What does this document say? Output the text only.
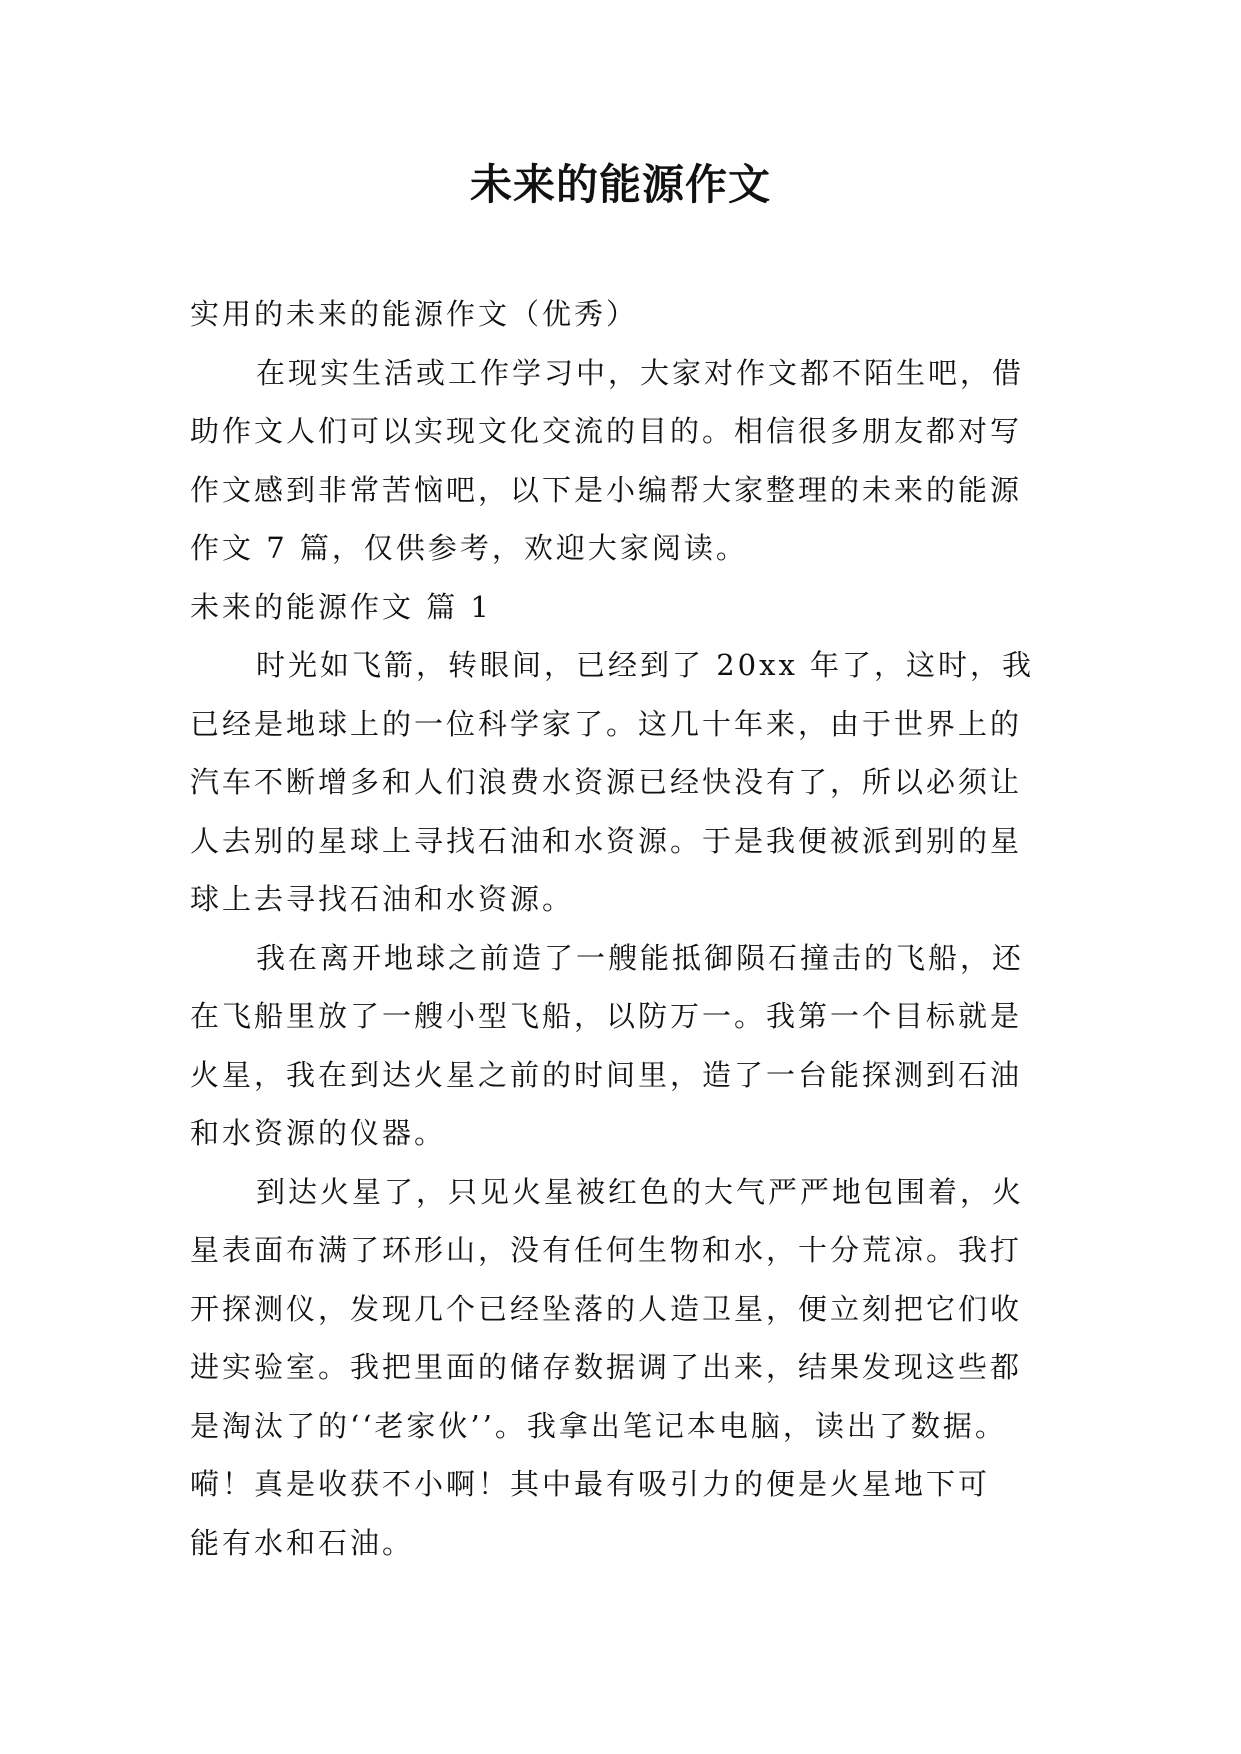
未来的能源作文
实用的未来的能源作文（优秀）
在现实生活或工作学习中，大家对作文都不陌生吧，借
助作文人们可以实现文化交流的目的。相信很多朋友都对写
作文感到非常苦恼吧，以下是小编帮大家整理的未来的能源
作文 7 篇，仅供参考，欢迎大家阅读。
未来的能源作文 篇 1
时光如飞箭，转眼间，已经到了 20xx 年了，这时，我
已经是地球上的一位科学家了。这几十年来，由于世界上的
汽车不断增多和人们浪费水资源已经快没有了，所以必须让
人去别的星球上寻找石油和水资源。于是我便被派到别的星
球上去寻找石油和水资源。
我在离开地球之前造了一艘能抵御陨石撞击的飞船，还
在飞船里放了一艘小型飞船，以防万一。我第一个目标就是
火星，我在到达火星之前的时间里，造了一台能探测到石油
和水资源的仪器。
到达火星了，只见火星被红色的大气严严地包围着，火
星表面布满了环形山，没有任何生物和水，十分荒凉。我打
开探测仪，发现几个已经坠落的人造卫星，便立刻把它们收
进实验室。我把里面的储存数据调了出来，结果发现这些都
是淘汰了的‘‘老家伙’’。我拿出笔记本电脑，读出了数据。
嗬！真是收获不小啊！其中最有吸引力的便是火星地下可
能有水和石油。
